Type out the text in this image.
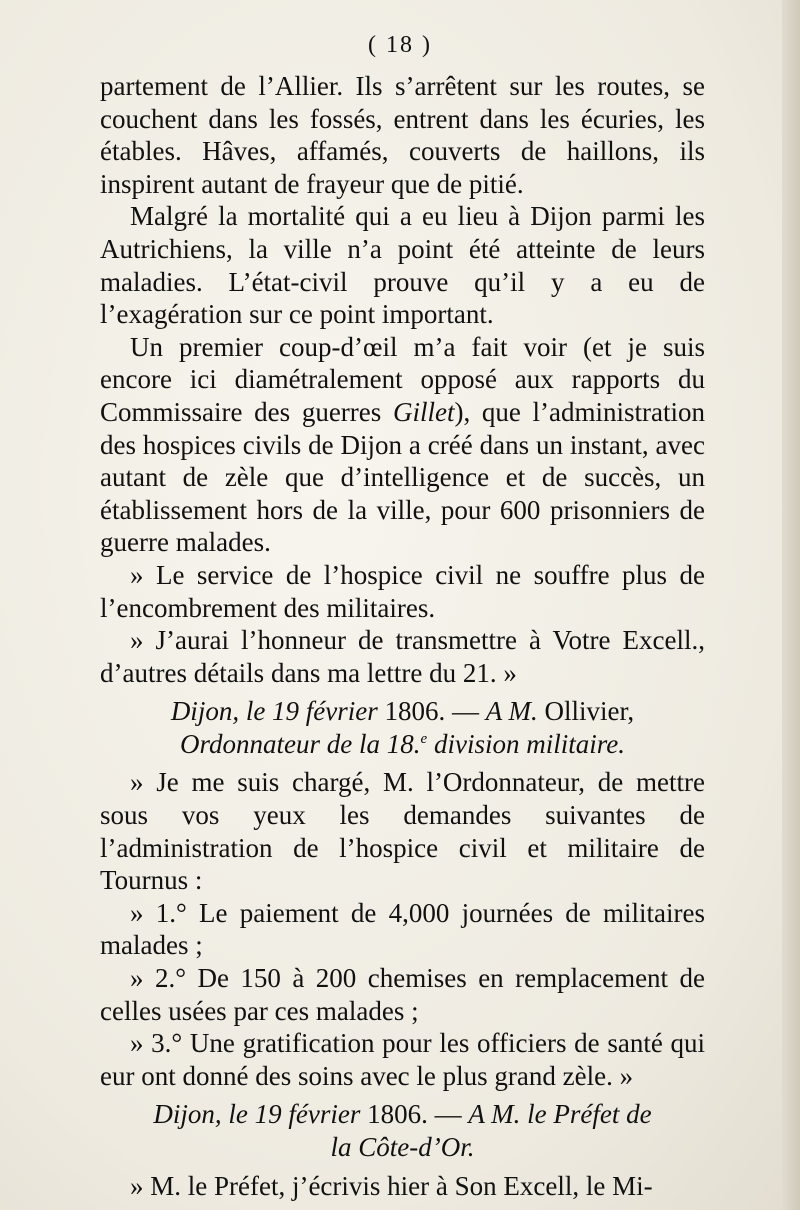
( 18 )

partement de l’Allier. Ils s’arrêtent sur les routes, se couchent dans les fossés, entrent dans les écuries, les étables. Hâves, affamés, couverts de haillons, ils inspirent autant de frayeur que de pitié.

Malgré la mortalité qui a eu lieu à Dijon parmi les Autrichiens, la ville n’a point été atteinte de leurs maladies. L’état-civil prouve qu’il y a eu de l’exagération sur ce point important.

Un premier coup-d’œil m’a fait voir (et je suis encore ici diamétralement opposé aux rapports du Commissaire des guerres Gillet), que l’administration des hospices civils de Dijon a créé dans un instant, avec autant de zèle que d’intelligence et de succès, un établissement hors de la ville, pour 600 prisonniers de guerre malades.

» Le service de l’hospice civil ne souffre plus de l’encombrement des militaires.

» J’aurai l’honneur de transmettre à Votre Excell., d’autres détails dans ma lettre du 21. »

Dijon, le 19 février 1806. — A M. Ollivier, Ordonnateur de la 18.$^e$ division militaire.

» Je me suis chargé, M. l’Ordonnateur, de mettre sous vos yeux les demandes suivantes de l’administration de l’hospice civil et militaire de Tournus :

» 1.° Le paiement de 4,000 journées de militaires malades ;

» 2.° De 150 à 200 chemises en remplacement de celles usées par ces malades ;

» 3.° Une gratification pour les officiers de santé qui eur ont donné des soins avec le plus grand zèle. »

Dijon, le 19 février 1806. — A M. le Préfet de
la Côte-d’Or.

» M. le Préfet, j’écrivis hier à Son Excell, le Mi-
